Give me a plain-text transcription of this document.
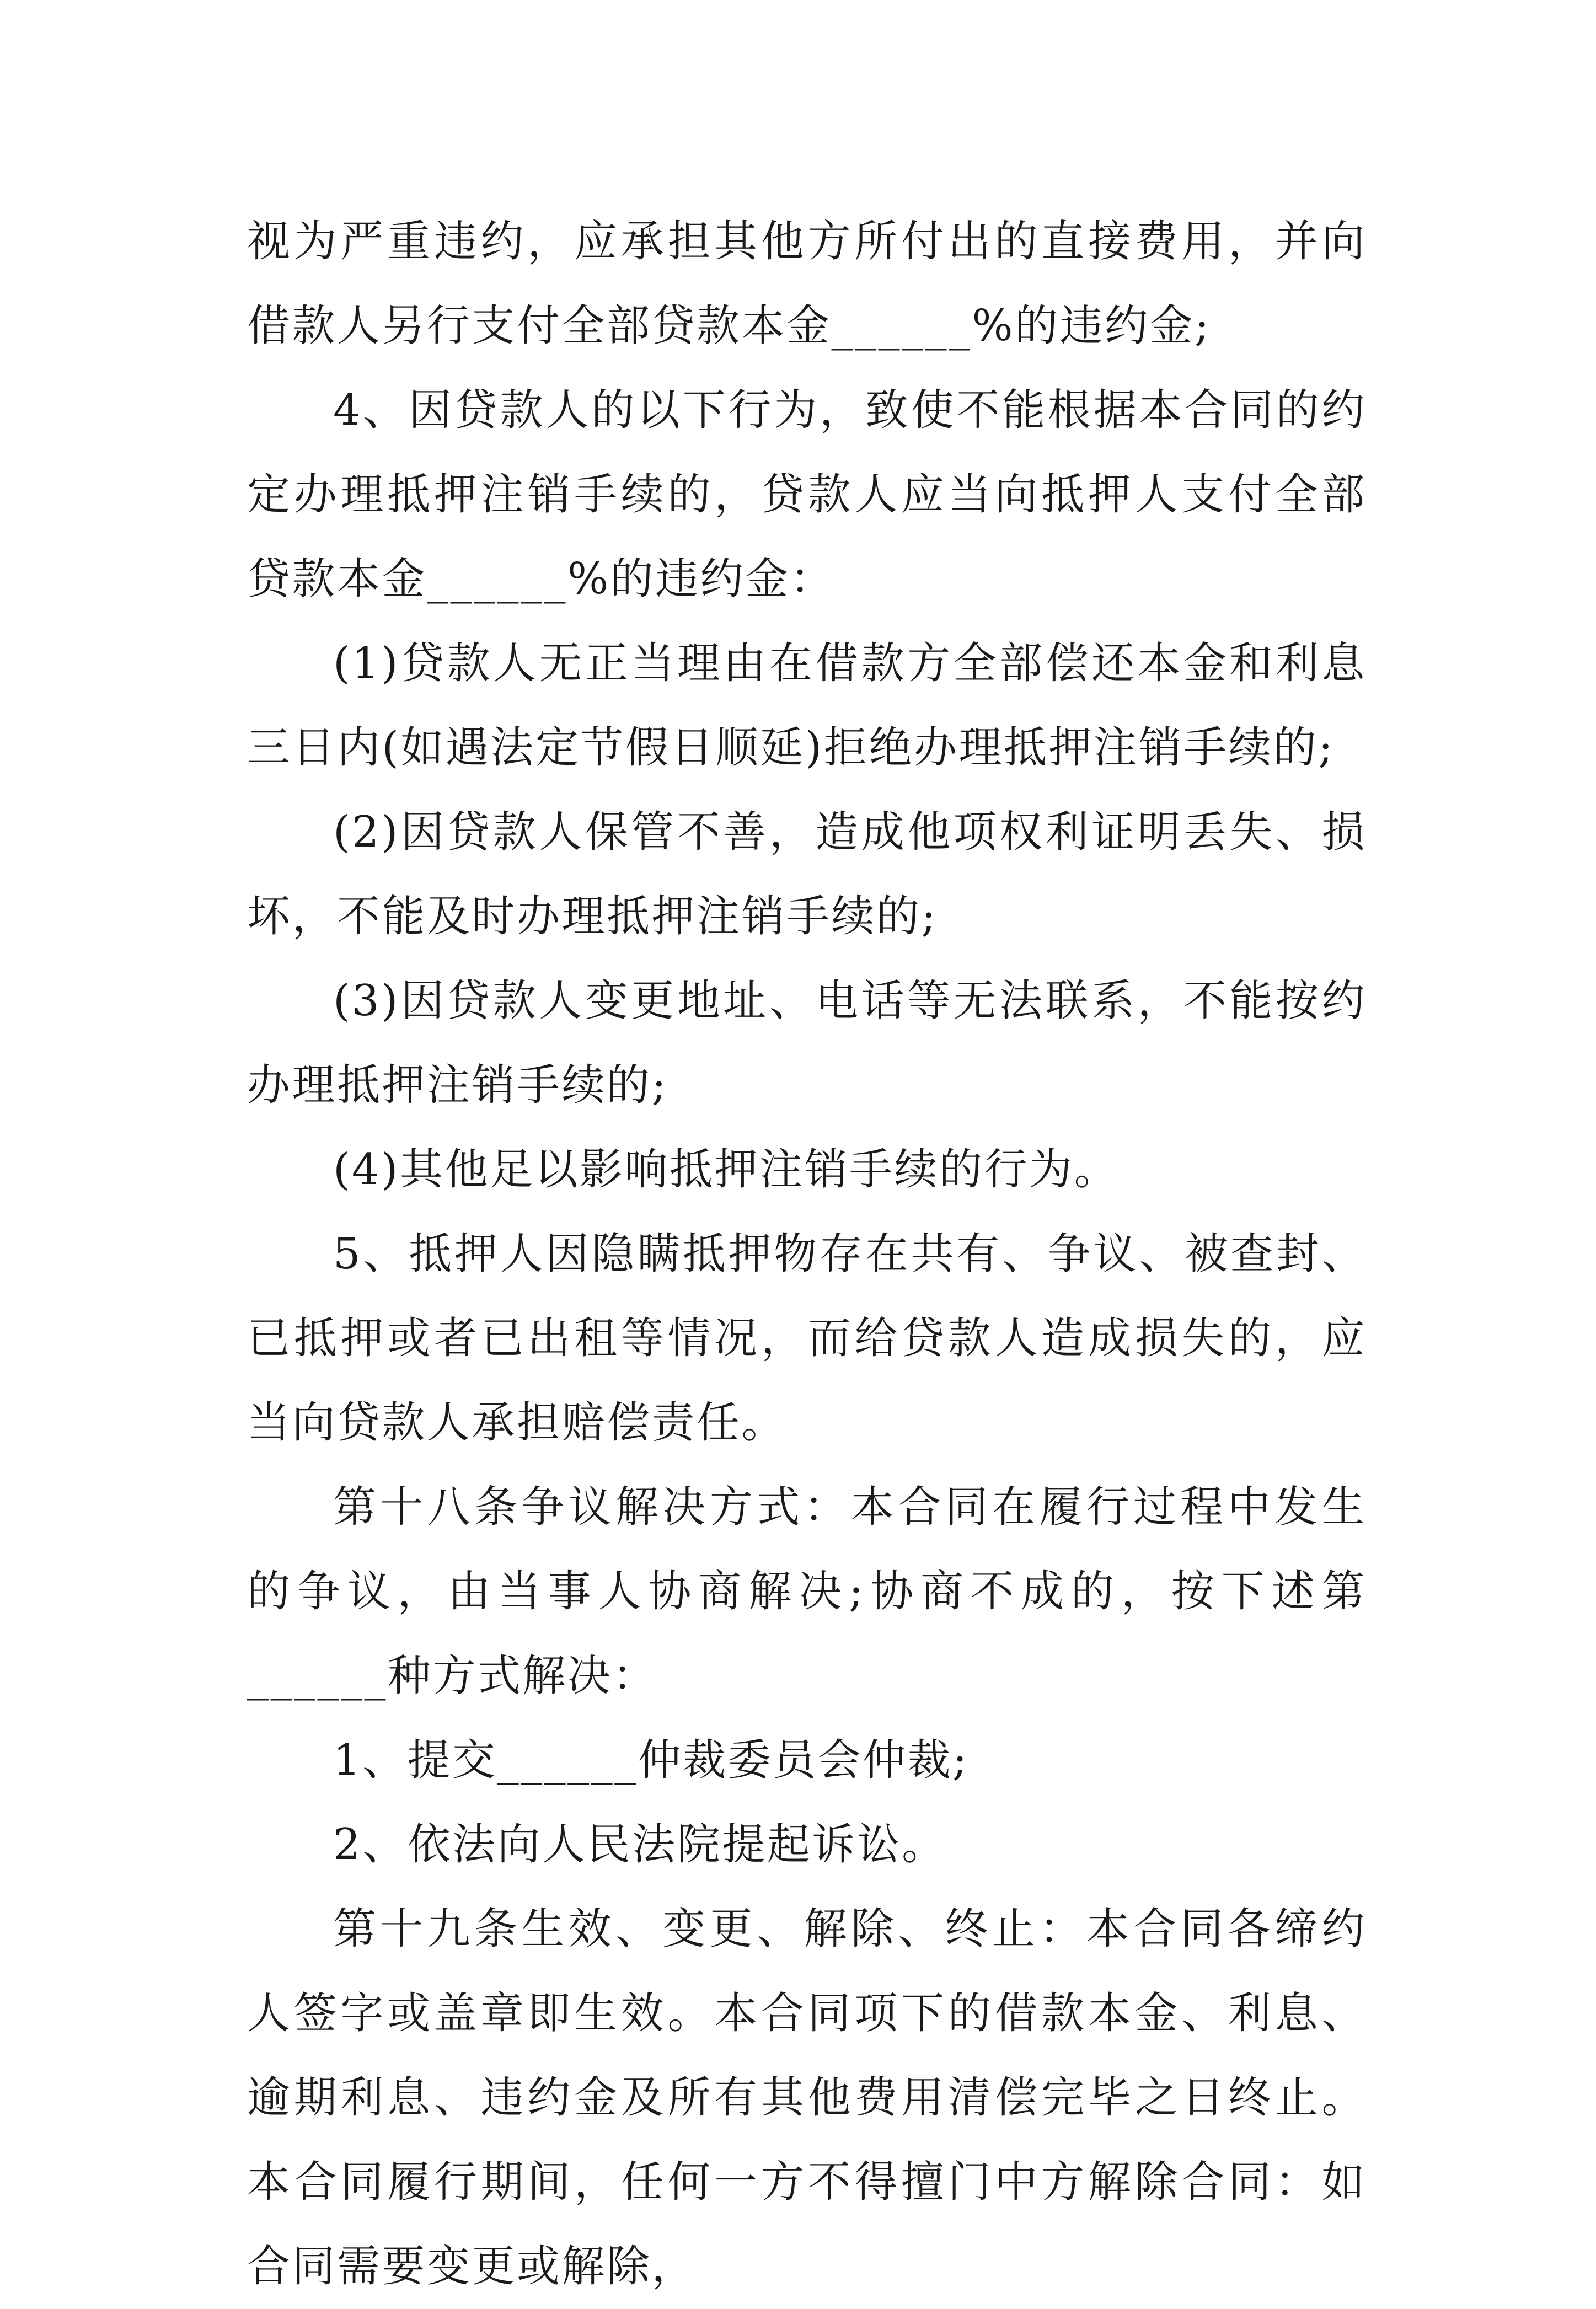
视为严重违约，应承担其他方所付出的直接费用，并向借款人另行支付全部贷款本金______%的违约金;

4、因贷款人的以下行为，致使不能根据本合同的约定办理抵押注销手续的，贷款人应当向抵押人支付全部贷款本金______%的违约金：

(1)贷款人无正当理由在借款方全部偿还本金和利息三日内(如遇法定节假日顺延)拒绝办理抵押注销手续的;

(2)因贷款人保管不善，造成他项权利证明丢失、损坏，不能及时办理抵押注销手续的;

(3)因贷款人变更地址、电话等无法联系，不能按约办理抵押注销手续的;

(4)其他足以影响抵押注销手续的行为。

5、抵押人因隐瞒抵押物存在共有、争议、被查封、已抵押或者已出租等情况，而给贷款人造成损失的，应当向贷款人承担赔偿责任。

第十八条争议解决方式：本合同在履行过程中发生的争议，由当事人协商解决;协商不成的，按下述第______种方式解决：

1、提交______仲裁委员会仲裁;

2、依法向人民法院提起诉讼。

第十九条生效、变更、解除、终止：本合同各缔约人签字或盖章即生效。本合同项下的借款本金、利息、逾期利息、违约金及所有其他费用清偿完毕之日终止。本合同履行期间，任何一方不得擅门中方解除合同：如合同需要变更或解除，
